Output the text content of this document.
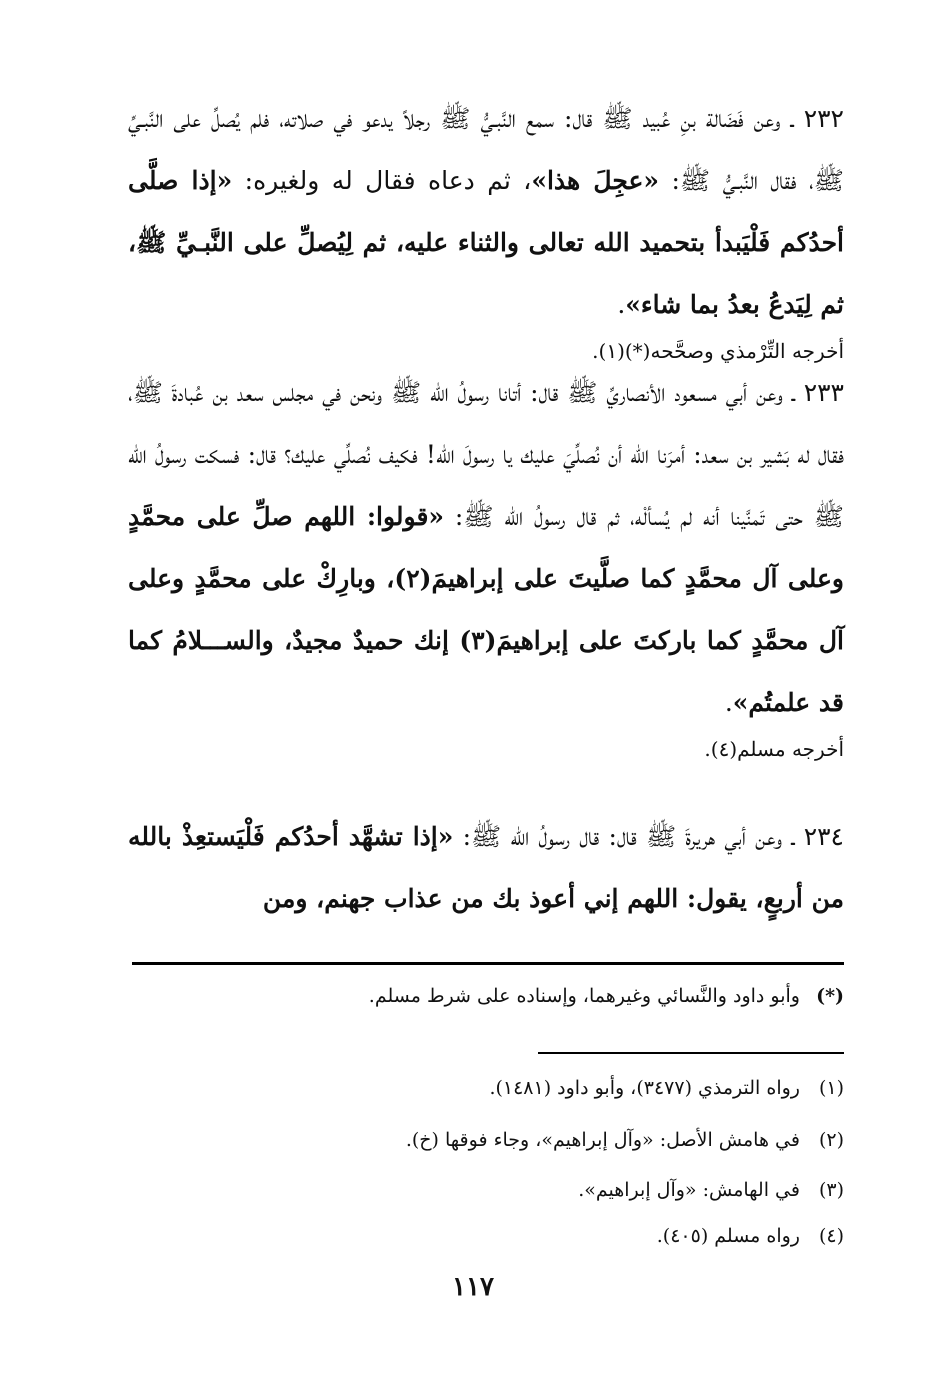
٢٣٢ ـ وعن فَضَالة بنِ عُبيد ﷺ قال: سمع النَّبـيُّ ﷺ رجلاً يدعو في صلاته، فلم يُصلِّ على النَّبـيِّ ﷺ، فقال النَّبـيُّ ﷺ: «عجِلَ هذا»، ثم دعاه فقال له ولغيره: «إذا صلَّى أحدُكم فَلْيَبدأ بتحميد الله تعالى والثناء عليه، ثم لِيُصلِّ على النَّبـيِّ ﷺ، ثم لِيَدعُ بعدُ بما شاء».

أخرجه التِّرْمذي وصحَّحه(*)(١).

٢٣٣ ـ وعن أبي مسعود الأنصاريِّ ﷺ قال: أتانا رسولُ الله ﷺ ونحن في مجلس سعد بن عُبادةَ ﷺ، فقال له بَشير بن سعد: أمرَنا الله أن نُصلِّيَ عليك يا رسولَ الله! فكيف نُصلِّي عليك؟ قال: فسكت رسولُ الله ﷺ حتى تَمنَّينا أنه لم يُسألْه، ثم قال رسولُ الله ﷺ: «قولوا: اللهم صلِّ على محمَّدٍ وعلى آل محمَّدٍ كما صلَّيتَ على إبراهيمَ(٢)، وبارِكْ على محمَّدٍ وعلى آل محمَّدٍ كما باركتَ على إبراهيمَ(٣) إنك حميدٌ مجيدٌ، والســـلامُ كما قد علمتُم».

أخرجه مسلم(٤).

٢٣٤ ـ وعن أبي هريرةَ ﷺ قال: قال رسولُ الله ﷺ: «إذا تشهَّد أحدُكم فَلْيَستعِذْ بالله من أربعٍ، يقول: اللهم إني أعوذ بك من عذاب جهنم، ومن

(*) وأبو داود والنَّسائي وغيرهما، وإسناده على شرط مسلم.
(١) رواه الترمذي (٣٤٧٧)، وأبو داود (١٤٨١).
(٢) في هامش الأصل: «وآل إبراهيم»، وجاء فوقها (خ).
(٣) في الهامش: «وآل إبراهيم».
(٤) رواه مسلم (٤٠٥).
١١٧
